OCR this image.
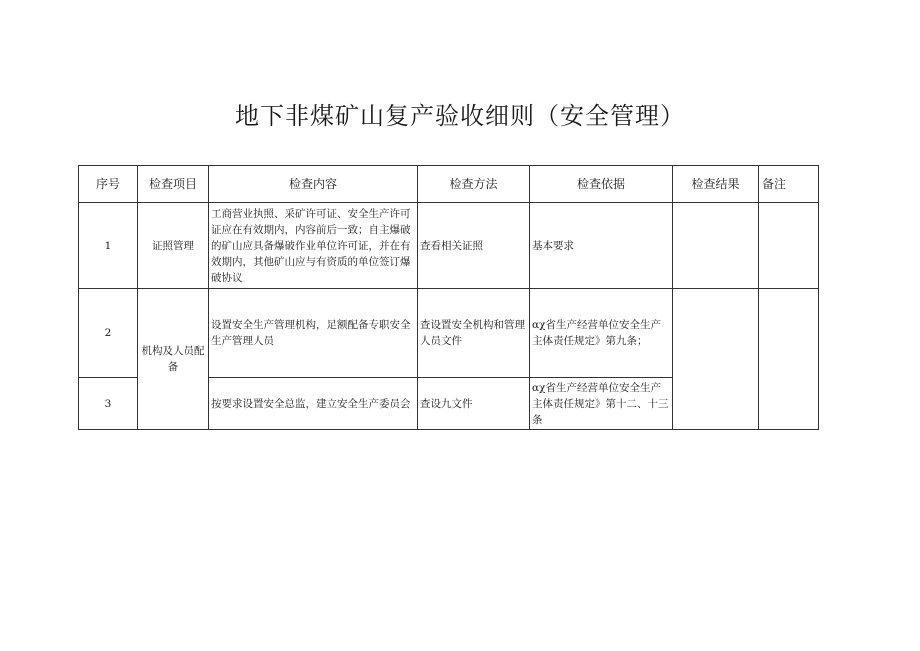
地下非煤矿山复产验收细则（安全管理）
序号	检查项目	检查内容	检查方法	检查依据	检查结果	备注
1	证照管理	工商营业执照、采矿许可证、安全生产许可证应在有效期内，内容前后一致；自主爆破的矿山应具备爆破作业单位许可证，并在有效期内，其他矿山应与有资质的单位签订爆破协议	查看相关证照	基本要求		
2	机构及人员配备	设置安全生产管理机构，足额配备专职安全生产管理人员	查设置安全机构和管理人员文件	αχ省生产经营单位安全生产主体责任规定》第九条；		
3		按要求设置安全总监，建立安全生产委员会	查设九文件	αχ省生产经营单位安全生产主体责任规定》第十二、十三条		
